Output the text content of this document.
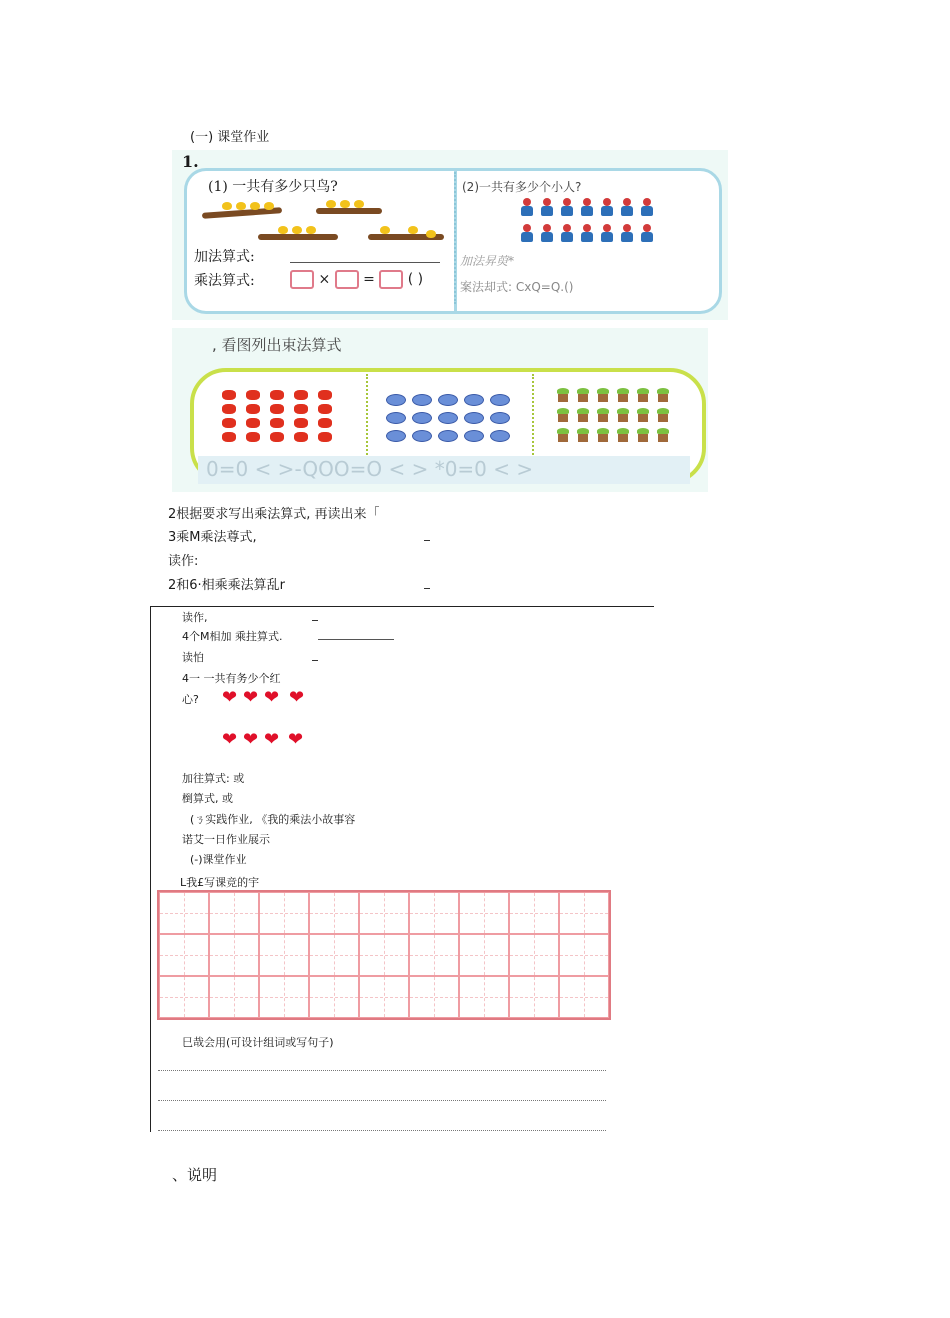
(一) 课堂作业
1.
(1) 一共有多少只鸟?
加法算式:
乘法算式:	× = ( )
(2)一共有多少个小人?
加法昇萸*
案法却式: CxQ=Q.()
, 看图列出束法算式
0=0 < >-QOO=O < > *0=0 < >
2根据要求写出乘法算式, 再读出来「
3乘M乘法尊式,
读作:
2和6·相乘乘法算乱r
读作,
4个M相加 乘拄算式.
读怕
4一 一共有务少个红
心? ❤ ❤ ❤ ❤
❤ ❤ ❤ ❤
加往算式: 或
椡算式, 或
(ㄋ实践作业, 《我的乘法小故事容
诺艾一日作业展示
(-)课堂作业
L我£写课竞的宇
巳哉会用(可设计组词或写句子)
、说明
